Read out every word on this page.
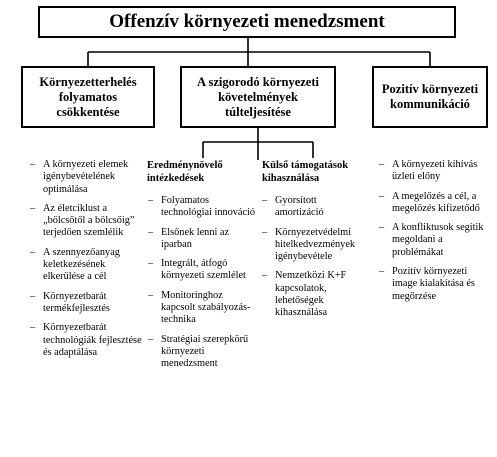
Offenzív környezeti menedzsment
Környezetterhelés folyamatos csökkentése
A szigorodó környezeti követelmények túlteljesítése
Pozitív környezeti kommunikáció
Eredménynövelő intézkedések
Külső támogatások kihasználása
– A környezeti elemek igénybevételének optimálása
– Az életciklust a „bölcsőtől a bölcsőig” terjedően szemlélik
– A szennyezőanyag keletkezésének elkerülése a cél
– Környezetbarát termékfejlesztés
– Környezetbarát technológiák fejlesztése és adaptálása
– Folyamatos technológiai innováció
– Elsőnek lenni az iparban
– Integrált, átfogó környezeti szemlélet
– Monitoringhoz kapcsolt szabályozás-technika
– Stratégiai szerepkörű környezeti menedzsment
– Gyorsított amortizáció
– Környezetvédelmi hitelkedvezmények igénybevétele
– Nemzetközi K+F kapcsolatok, lehetőségek kihasználása
– A környezeti kihívás üzleti előny
– A megelőzés a cél, a megelőzés kifizetődő
– A konfliktusok segítik megoldani a problémákat
– Pozitív környezeti image kialakítása és megőrzése
